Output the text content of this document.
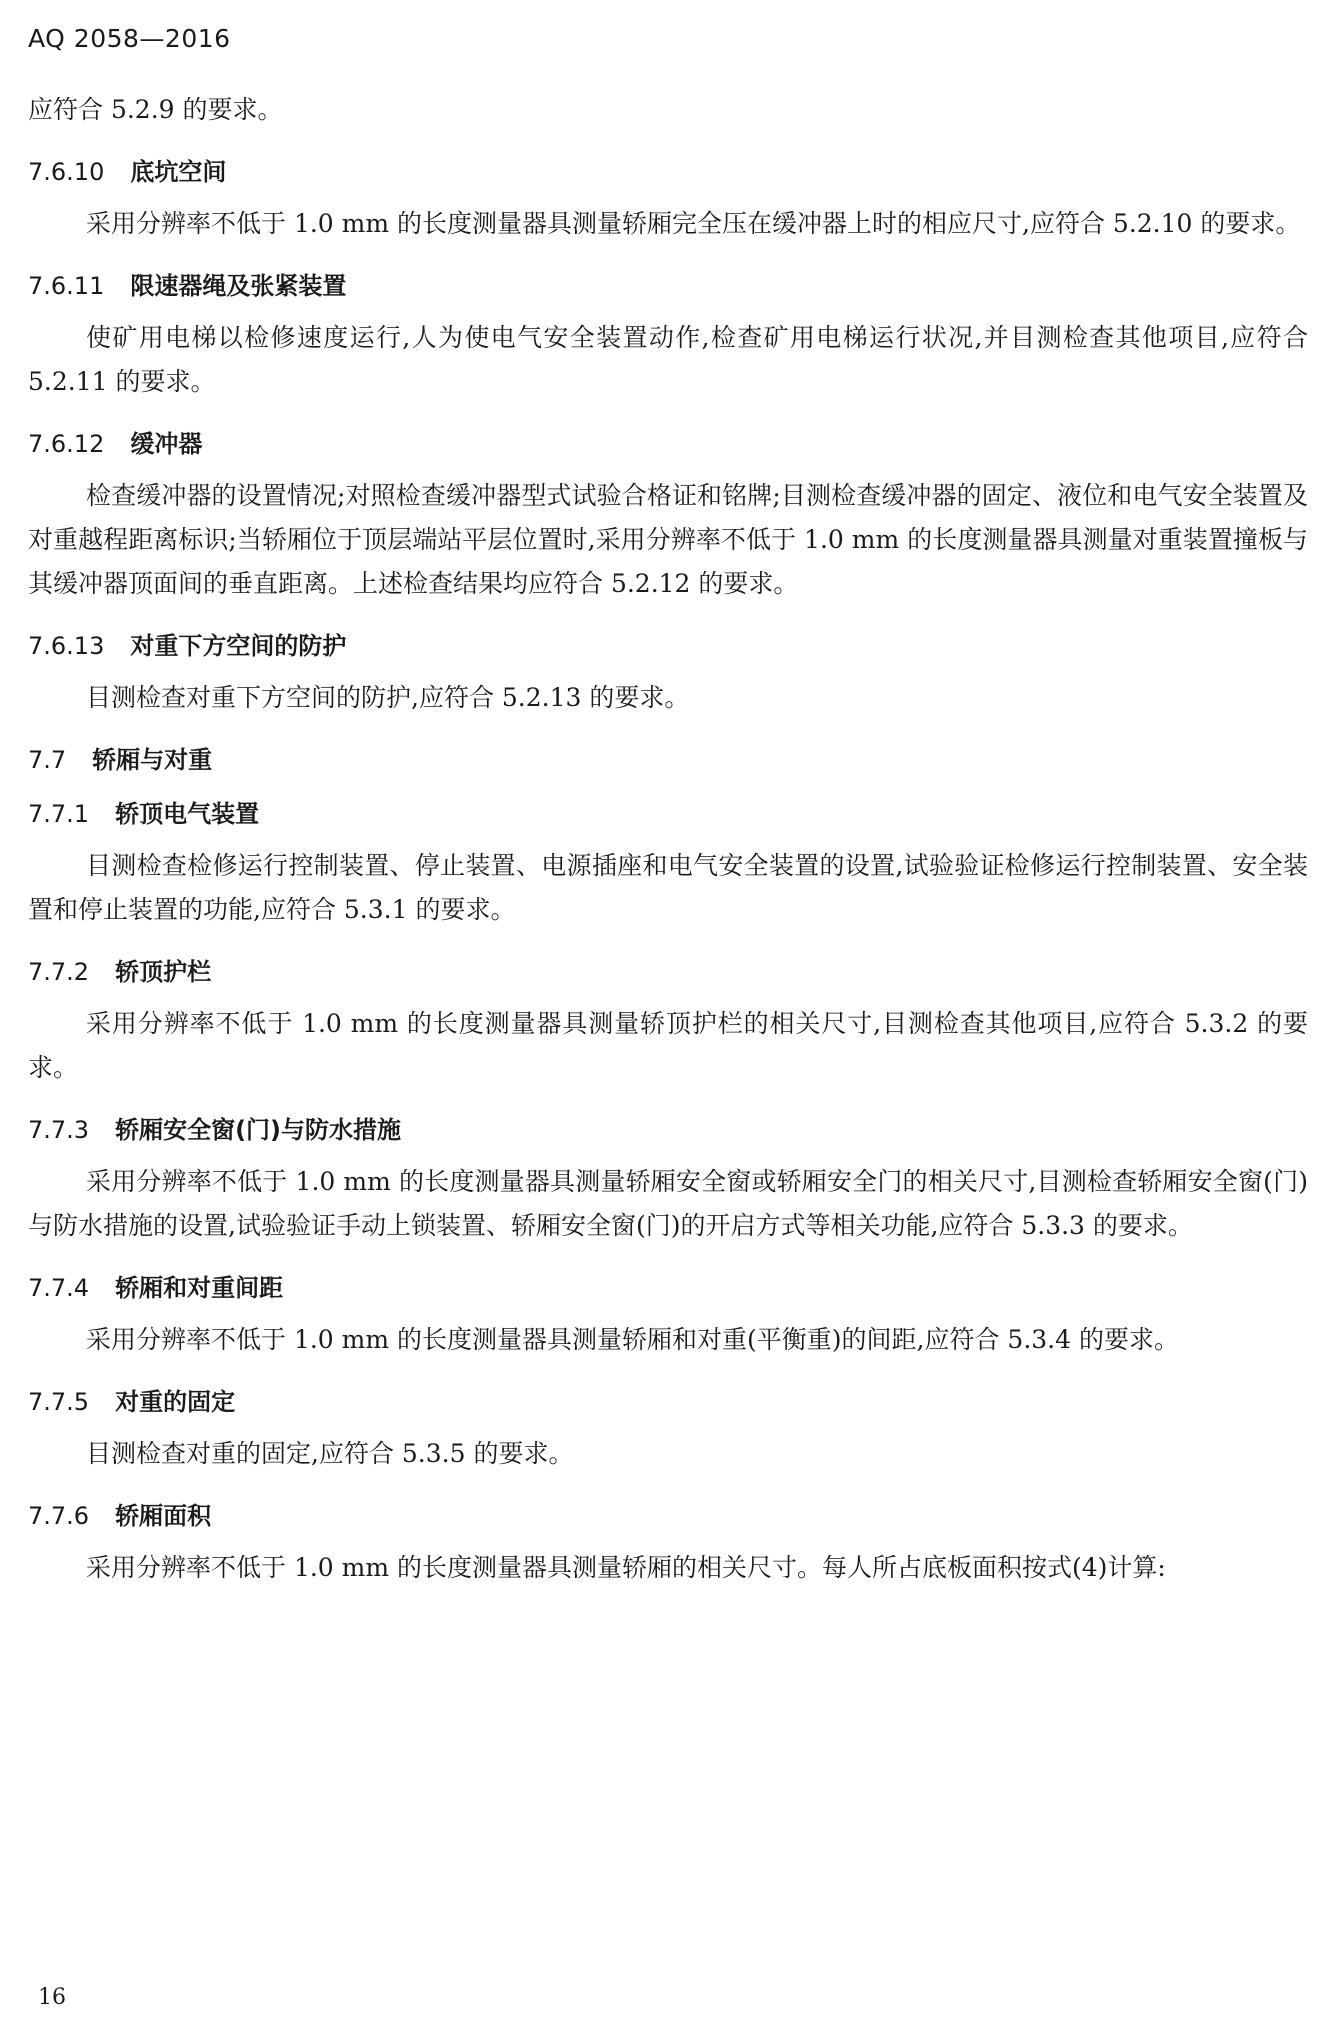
AQ 2058—2016

应符合 5.2.9 的要求。

7.6.10 底坑空间

采用分辨率不低于 1.0 mm 的长度测量器具测量轿厢完全压在缓冲器上时的相应尺寸,应符合 5.2.10 的要求。

7.6.11 限速器绳及张紧装置

使矿用电梯以检修速度运行,人为使电气安全装置动作,检查矿用电梯运行状况,并目测检查其他项目,应符合 5.2.11 的要求。

7.6.12 缓冲器

检查缓冲器的设置情况;对照检查缓冲器型式试验合格证和铭牌;目测检查缓冲器的固定、液位和电气安全装置及对重越程距离标识;当轿厢位于顶层端站平层位置时,采用分辨率不低于 1.0 mm 的长度测量器具测量对重装置撞板与其缓冲器顶面间的垂直距离。上述检查结果均应符合 5.2.12 的要求。

7.6.13 对重下方空间的防护

目测检查对重下方空间的防护,应符合 5.2.13 的要求。

7.7 轿厢与对重
7.7.1 轿顶电气装置

目测检查检修运行控制装置、停止装置、电源插座和电气安全装置的设置,试验验证检修运行控制装置、安全装置和停止装置的功能,应符合 5.3.1 的要求。

7.7.2 轿顶护栏

采用分辨率不低于 1.0 mm 的长度测量器具测量轿顶护栏的相关尺寸,目测检查其他项目,应符合 5.3.2 的要求。

7.7.3 轿厢安全窗(门)与防水措施

采用分辨率不低于 1.0 mm 的长度测量器具测量轿厢安全窗或轿厢安全门的相关尺寸,目测检查轿厢安全窗(门)与防水措施的设置,试验验证手动上锁装置、轿厢安全窗(门)的开启方式等相关功能,应符合 5.3.3 的要求。

7.7.4 轿厢和对重间距

采用分辨率不低于 1.0 mm 的长度测量器具测量轿厢和对重(平衡重)的间距,应符合 5.3.4 的要求。

7.7.5 对重的固定

目测检查对重的固定,应符合 5.3.5 的要求。

7.7.6 轿厢面积

采用分辨率不低于 1.0 mm 的长度测量器具测量轿厢的相关尺寸。每人所占底板面积按式(4)计算:

16
